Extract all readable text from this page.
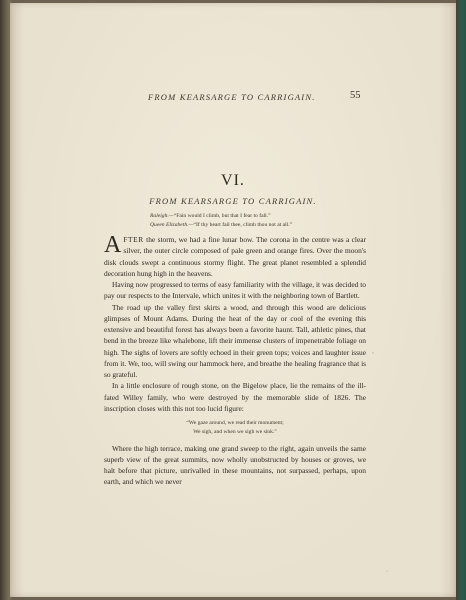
FROM KEARSARGE TO CARRIGAIN.	55
VI.
FROM KEARSARGE TO CARRIGAIN.
Raleigh.—“Fain would I climb, but that I fear to fall.”
Queen Elizabeth.—“If thy heart fail thee, climb thou not at all.”

AFTER the storm, we had a fine lunar bow. The corona in the centre was a clear silver, the outer circle composed of pale green and orange fires. Over the moon's disk clouds swept a continuous stormy flight. The great planet resembled a splendid decoration hung high in the heavens.

Having now progressed to terms of easy familiarity with the village, it was decided to pay our respects to the Intervale, which unites it with the neighboring town of Bartlett.

The road up the valley first skirts a wood, and through this wood are delicious glimpses of Mount Adams. During the heat of the day or cool of the evening this extensive and beautiful forest has always been a favorite haunt. Tall, athletic pines, that bend in the breeze like whalebone, lift their immense clusters of impenetrable foliage on high. The sighs of lovers are softly echoed in their green tops; voices and laughter issue from it. We, too, will swing our hammock here, and breathe the healing fragrance that is so grateful.

In a little enclosure of rough stone, on the Bigelow place, lie the remains of the ill-fated Willey family, who were destroyed by the memorable slide of 1826. The inscription closes with this not too lucid figure:

“We gaze around, we read their monument;
We sigh, and when we sigh we sink.”

Where the high terrace, making one grand sweep to the right, again unveils the same superb view of the great summits, now wholly unobstructed by houses or groves, we halt before that picture, unrivalled in these mountains, not surpassed, perhaps, upon earth, and which we never

‘
·
